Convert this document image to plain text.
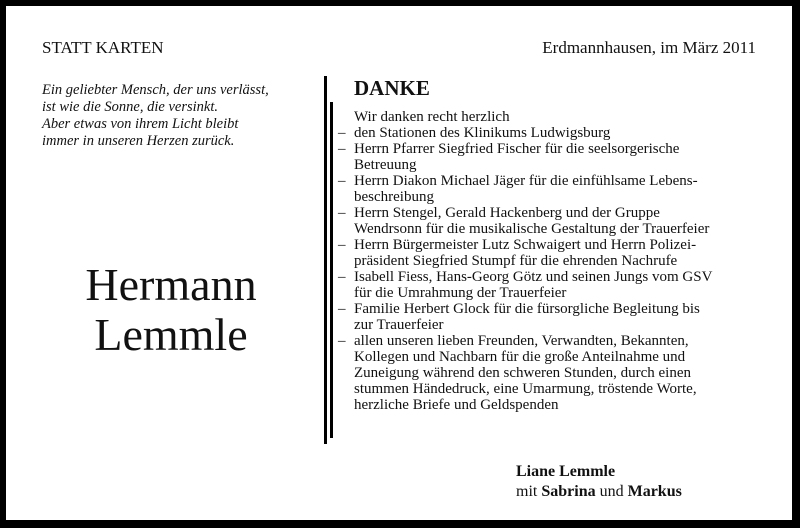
STATT KARTEN	Erdmannhausen, im März 2011
Ein geliebter Mensch, der uns verlässt,
ist wie die Sonne, die versinkt.
Aber etwas von ihrem Licht bleibt
immer in unseren Herzen zurück.
Hermann
Lemmle
DANKE
Wir danken recht herzlich
– den Stationen des Klinikums Ludwigsburg
– Herrn Pfarrer Siegfried Fischer für die seelsorgerische
Betreuung
– Herrn Diakon Michael Jäger für die einfühlsame Lebens-
beschreibung
– Herrn Stengel, Gerald Hackenberg und der Gruppe
Wendrsonn für die musikalische Gestaltung der Trauerfeier
– Herrn Bürgermeister Lutz Schwaigert und Herrn Polizei-
präsident Siegfried Stumpf für die ehrenden Nachrufe
– Isabell Fiess, Hans-Georg Götz und seinen Jungs vom GSV
für die Umrahmung der Trauerfeier
– Familie Herbert Glock für die fürsorgliche Begleitung bis
zur Trauerfeier
– allen unseren lieben Freunden, Verwandten, Bekannten,
Kollegen und Nachbarn für die große Anteilnahme und
Zuneigung während den schweren Stunden, durch einen
stummen Händedruck, eine Umarmung, tröstende Worte,
herzliche Briefe und Geldspenden
Liane Lemmle
mit Sabrina und Markus
